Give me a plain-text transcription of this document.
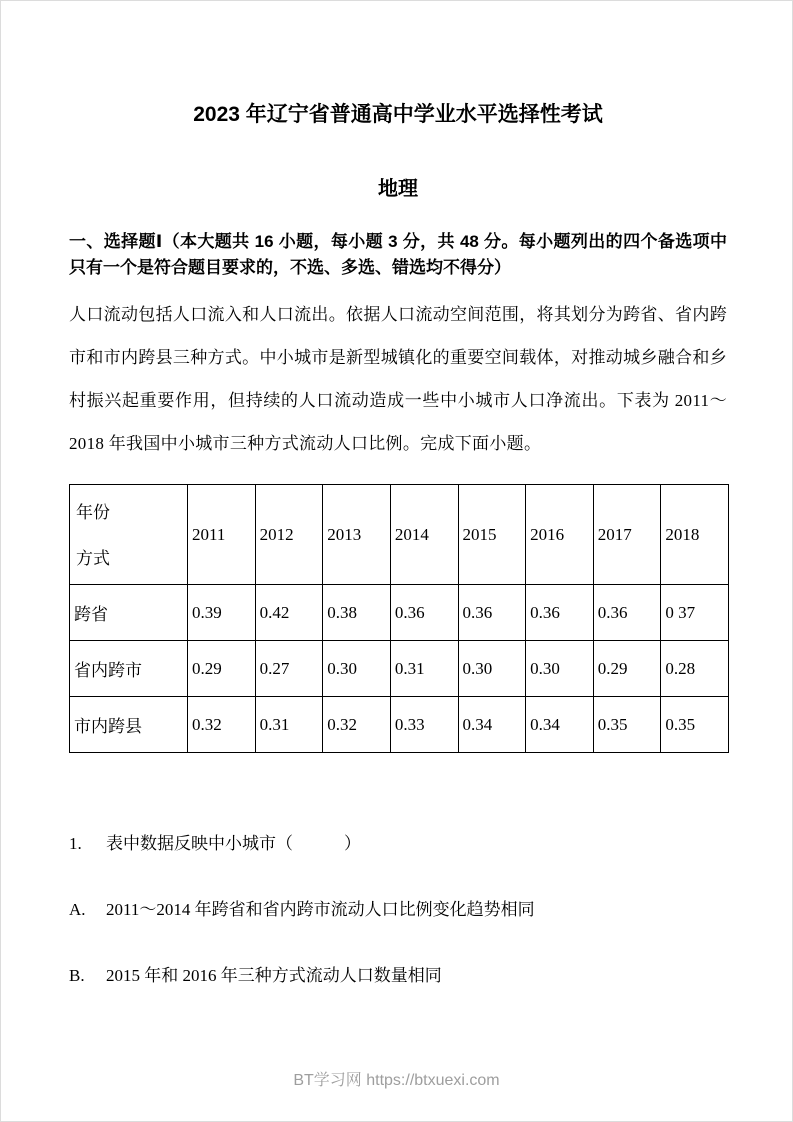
2023 年辽宁省普通高中学业水平选择性考试
地理

一、选择题Ⅰ（本大题共 16 小题，每小题 3 分，共 48 分。每小题列出的四个备选项中只有一个是符合题目要求的，不选、多选、错选均不得分）

人口流动包括人口流入和人口流出。依据人口流动空间范围，将其划分为跨省、省内跨市和市内跨县三种方式。中小城市是新型城镇化的重要空间载体，对推动城乡融合和乡村振兴起重要作用，但持续的人口流动造成一些中小城市人口净流出。下表为 2011～2018 年我国中小城市三种方式流动人口比例。完成下面小题。

年份
方式	2011	2012	2013	2014	2015	2016	2017	2018
跨省	0.39	0.42	0.38	0.36	0.36	0.36	0.36	0 37
省内跨市	0.29	0.27	0.30	0.31	0.30	0.30	0.29	0.28
市内跨县	0.32	0.31	0.32	0.33	0.34	0.34	0.35	0.35
1.	表中数据反映中小城市（　　　）
A.	2011～2014 年跨省和省内跨市流动人口比例变化趋势相同
B.	2015 年和 2016 年三种方式流动人口数量相同
BT学习网 https://btxuexi.com
